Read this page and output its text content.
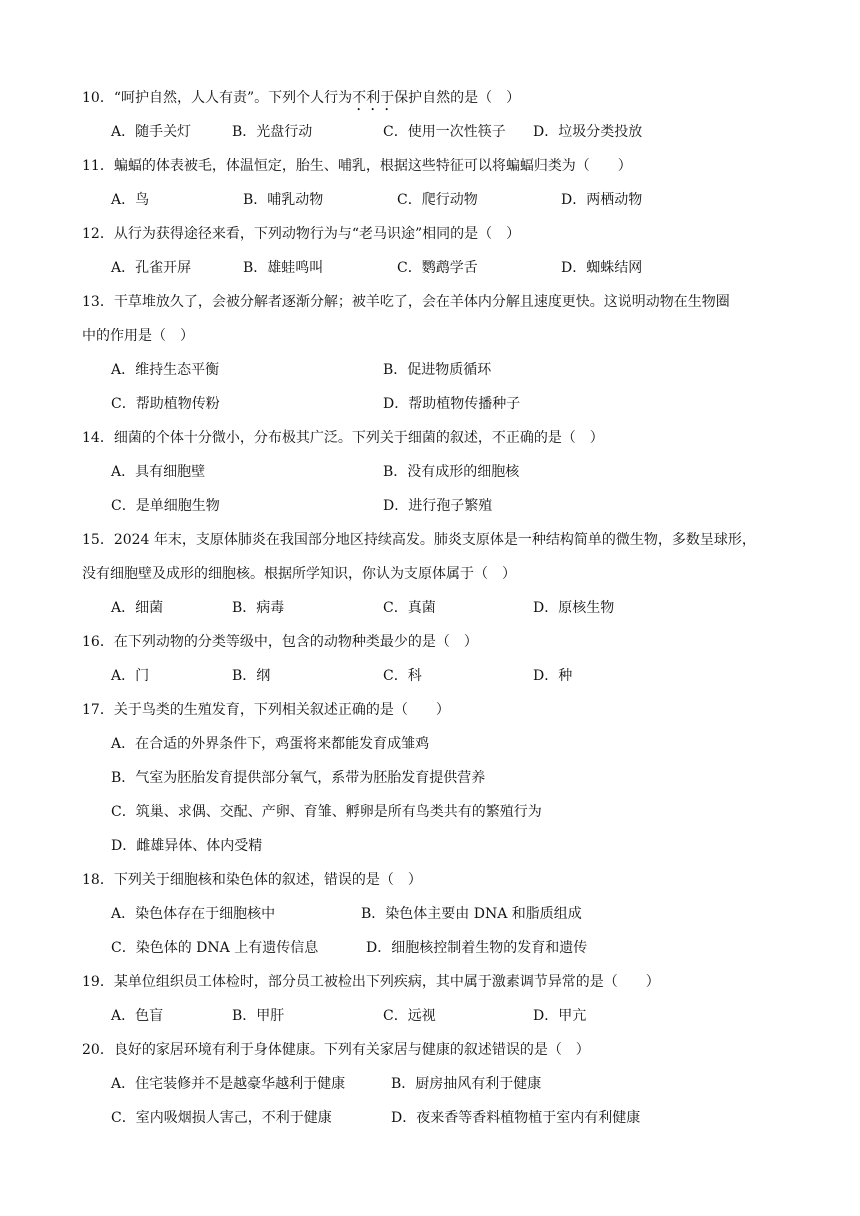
10．“呵护自然，人人有责”。下列个人行为不利于保护自然的是（　）
A．随手关灯	B．光盘行动	C．使用一次性筷子 D．垃圾分类投放
11．蝙蝠的体表被毛，体温恒定，胎生、哺乳，根据这些特征可以将蝙蝠归类为（　　）
A．鸟	B．哺乳动物	C．爬行动物	D．两栖动物
12．从行为获得途径来看，下列动物行为与“老马识途”相同的是（　）
A．孔雀开屏	B．雄蛙鸣叫	C．鹦鹉学舌	D．蜘蛛结网
13．干草堆放久了，会被分解者逐渐分解；被羊吃了，会在羊体内分解且速度更快。这说明动物在生物圈
中的作用是（　）
A．维持生态平衡	B．促进物质循环
C．帮助植物传粉	D．帮助植物传播种子
14．细菌的个体十分微小，分布极其广泛。下列关于细菌的叙述，不正确的是（　）
A．具有细胞壁	B．没有成形的细胞核
C．是单细胞生物	D．进行孢子繁殖
15．2024 年末，支原体肺炎在我国部分地区持续高发。肺炎支原体是一种结构简单的微生物，多数呈球形，
没有细胞壁及成形的细胞核。根据所学知识，你认为支原体属于（　）
A．细菌	B．病毒	C．真菌	D．原核生物
16．在下列动物的分类等级中，包含的动物种类最少的是（　）
A．门	B．纲	C．科	D．种
17．关于鸟类的生殖发育，下列相关叙述正确的是（　　）
A．在合适的外界条件下，鸡蛋将来都能发育成雏鸡
B．气室为胚胎发育提供部分氧气，系带为胚胎发育提供营养
C．筑巢、求偶、交配、产卵、育雏、孵卵是所有鸟类共有的繁殖行为
D．雌雄异体、体内受精
18．下列关于细胞核和染色体的叙述，错误的是（　）
A．染色体存在于细胞核中	B．染色体主要由 DNA 和脂质组成
C．染色体的 DNA 上有遗传信息	D．细胞核控制着生物的发育和遗传
19．某单位组织员工体检时，部分员工被检出下列疾病，其中属于激素调节异常的是（　　）
A．色盲	B．甲肝	C．远视	D．甲亢
20．良好的家居环境有利于身体健康。下列有关家居与健康的叙述错误的是（　）
A．住宅装修并不是越豪华越利于健康	B．厨房抽风有利于健康
C．室内吸烟损人害己，不利于健康	D．夜来香等香料植物植于室内有利健康
